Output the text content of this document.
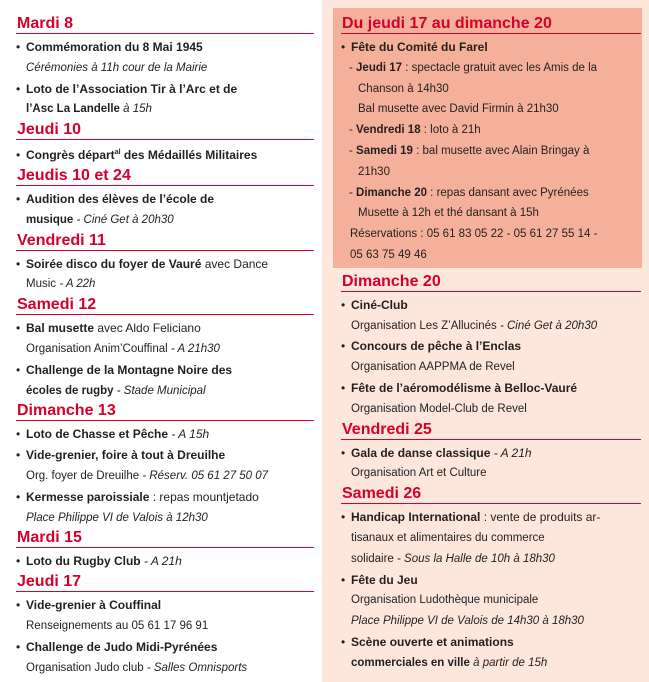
Mardi 8
• Commémoration du 8 Mai 1945
Cérémonies à 11h cour de la Mairie
• Loto de l’Association Tir à l’Arc et de
l’Asc La Landelle à 15h
Jeudi 10
• Congrès départ$^{al}$ des Médaillés Militaires
Jeudis 10 et 24
• Audition des élèves de l’école de
musique - Ciné Get à 20h30
Vendredi 11
• Soirée disco du foyer de Vauré avec Dance
Music - A 22h
Samedi 12
• Bal musette avec Aldo Feliciano
Organisation Anim’Couffinal - A 21h30
• Challenge de la Montagne Noire des
écoles de rugby - Stade Municipal
Dimanche 13
• Loto de Chasse et Pêche - A 15h
• Vide-grenier, foire à tout à Dreuilhe
Org. foyer de Dreuilhe - Réserv. 05 61 27 50 07
• Kermesse paroissiale : repas mountjetado
Place Philippe VI de Valois à 12h30
Mardi 15
• Loto du Rugby Club - A 21h
Jeudi 17
• Vide-grenier à Couffinal
Renseignements au 05 61 17 96 91
• Challenge de Judo Midi-Pyrénées
Organisation Judo club - Salles Omnisports
Du jeudi 17 au dimanche 20
• Fête du Comité du Farel
- Jeudi 17 : spectacle gratuit avec les Amis de la
Chanson à 14h30
Bal musette avec David Firmin à 21h30
- Vendredi 18 : loto à 21h
- Samedi 19 : bal musette avec Alain Bringay à
21h30
- Dimanche 20 : repas dansant avec Pyrénées
Musette à 12h et thé dansant à 15h
Réservations : 05 61 83 05 22 - 05 61 27 55 14 -
05 63 75 49 46
Dimanche 20
• Ciné-Club
Organisation Les Z’Allucinés - Ciné Get à 20h30
• Concours de pêche à l’Enclas
Organisation AAPPMA de Revel
• Fête de l’aéromodélisme à Belloc-Vauré
Organisation Model-Club de Revel
Vendredi 25
• Gala de danse classique - A 21h
Organisation Art et Culture
Samedi 26
• Handicap International : vente de produits ar-
tisanaux et alimentaires du commerce
solidaire - Sous la Halle de 10h à 18h30
• Fête du Jeu
Organisation Ludothèque municipale
Place Philippe VI de Valois de 14h30 à 18h30
• Scène ouverte et animations
commerciales en ville à partir de 15h
